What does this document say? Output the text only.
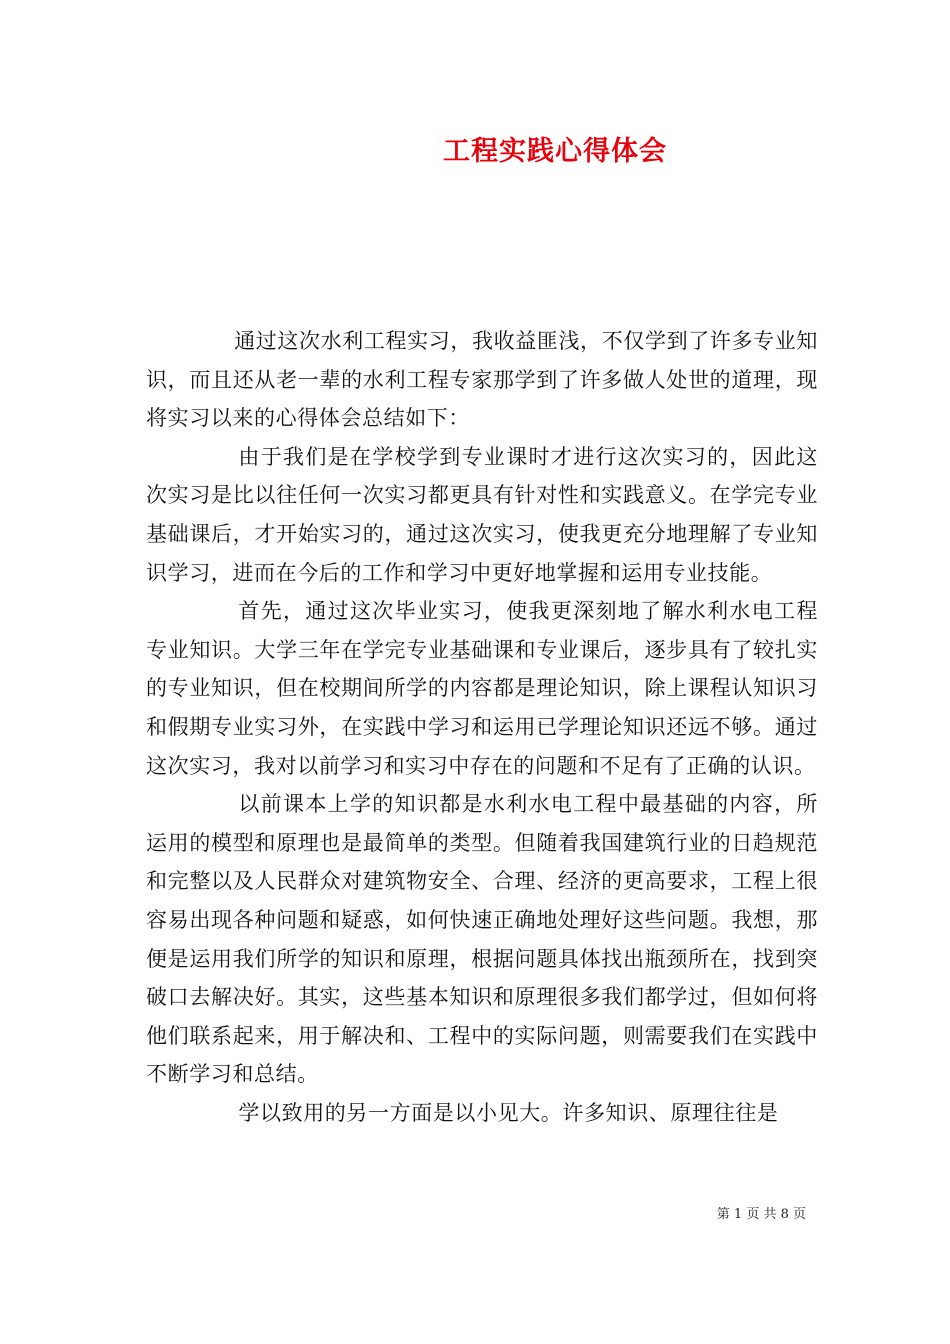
工程实践心得体会

通过这次水利工程实习，我收益匪浅，不仅学到了许多专业知识，而且还从老一辈的水利工程专家那学到了许多做人处世的道理，现将实习以来的心得体会总结如下：

由于我们是在学校学到专业课时才进行这次实习的，因此这次实习是比以往任何一次实习都更具有针对性和实践意义。在学完专业基础课后，才开始实习的，通过这次实习，使我更充分地理解了专业知识学习，进而在今后的工作和学习中更好地掌握和运用专业技能。

首先，通过这次毕业实习，使我更深刻地了解水利水电工程专业知识。大学三年在学完专业基础课和专业课后，逐步具有了较扎实的专业知识，但在校期间所学的内容都是理论知识，除上课程认知识习和假期专业实习外，在实践中学习和运用已学理论知识还远不够。通过这次实习，我对以前学习和实习中存在的问题和不足有了正确的认识。

以前课本上学的知识都是水利水电工程中最基础的内容，所运用的模型和原理也是最简单的类型。但随着我国建筑行业的日趋规范和完整以及人民群众对建筑物安全、合理、经济的更高要求，工程上很容易出现各种问题和疑惑，如何快速正确地处理好这些问题。我想，那便是运用我们所学的知识和原理，根据问题具体找出瓶颈所在，找到突破口去解决好。其实，这些基本知识和原理很多我们都学过，但如何将他们联系起来，用于解决和、工程中的实际问题，则需要我们在实践中不断学习和总结。

学以致用的另一方面是以小见大。许多知识、原理往往是

第 1 页 共 8 页
